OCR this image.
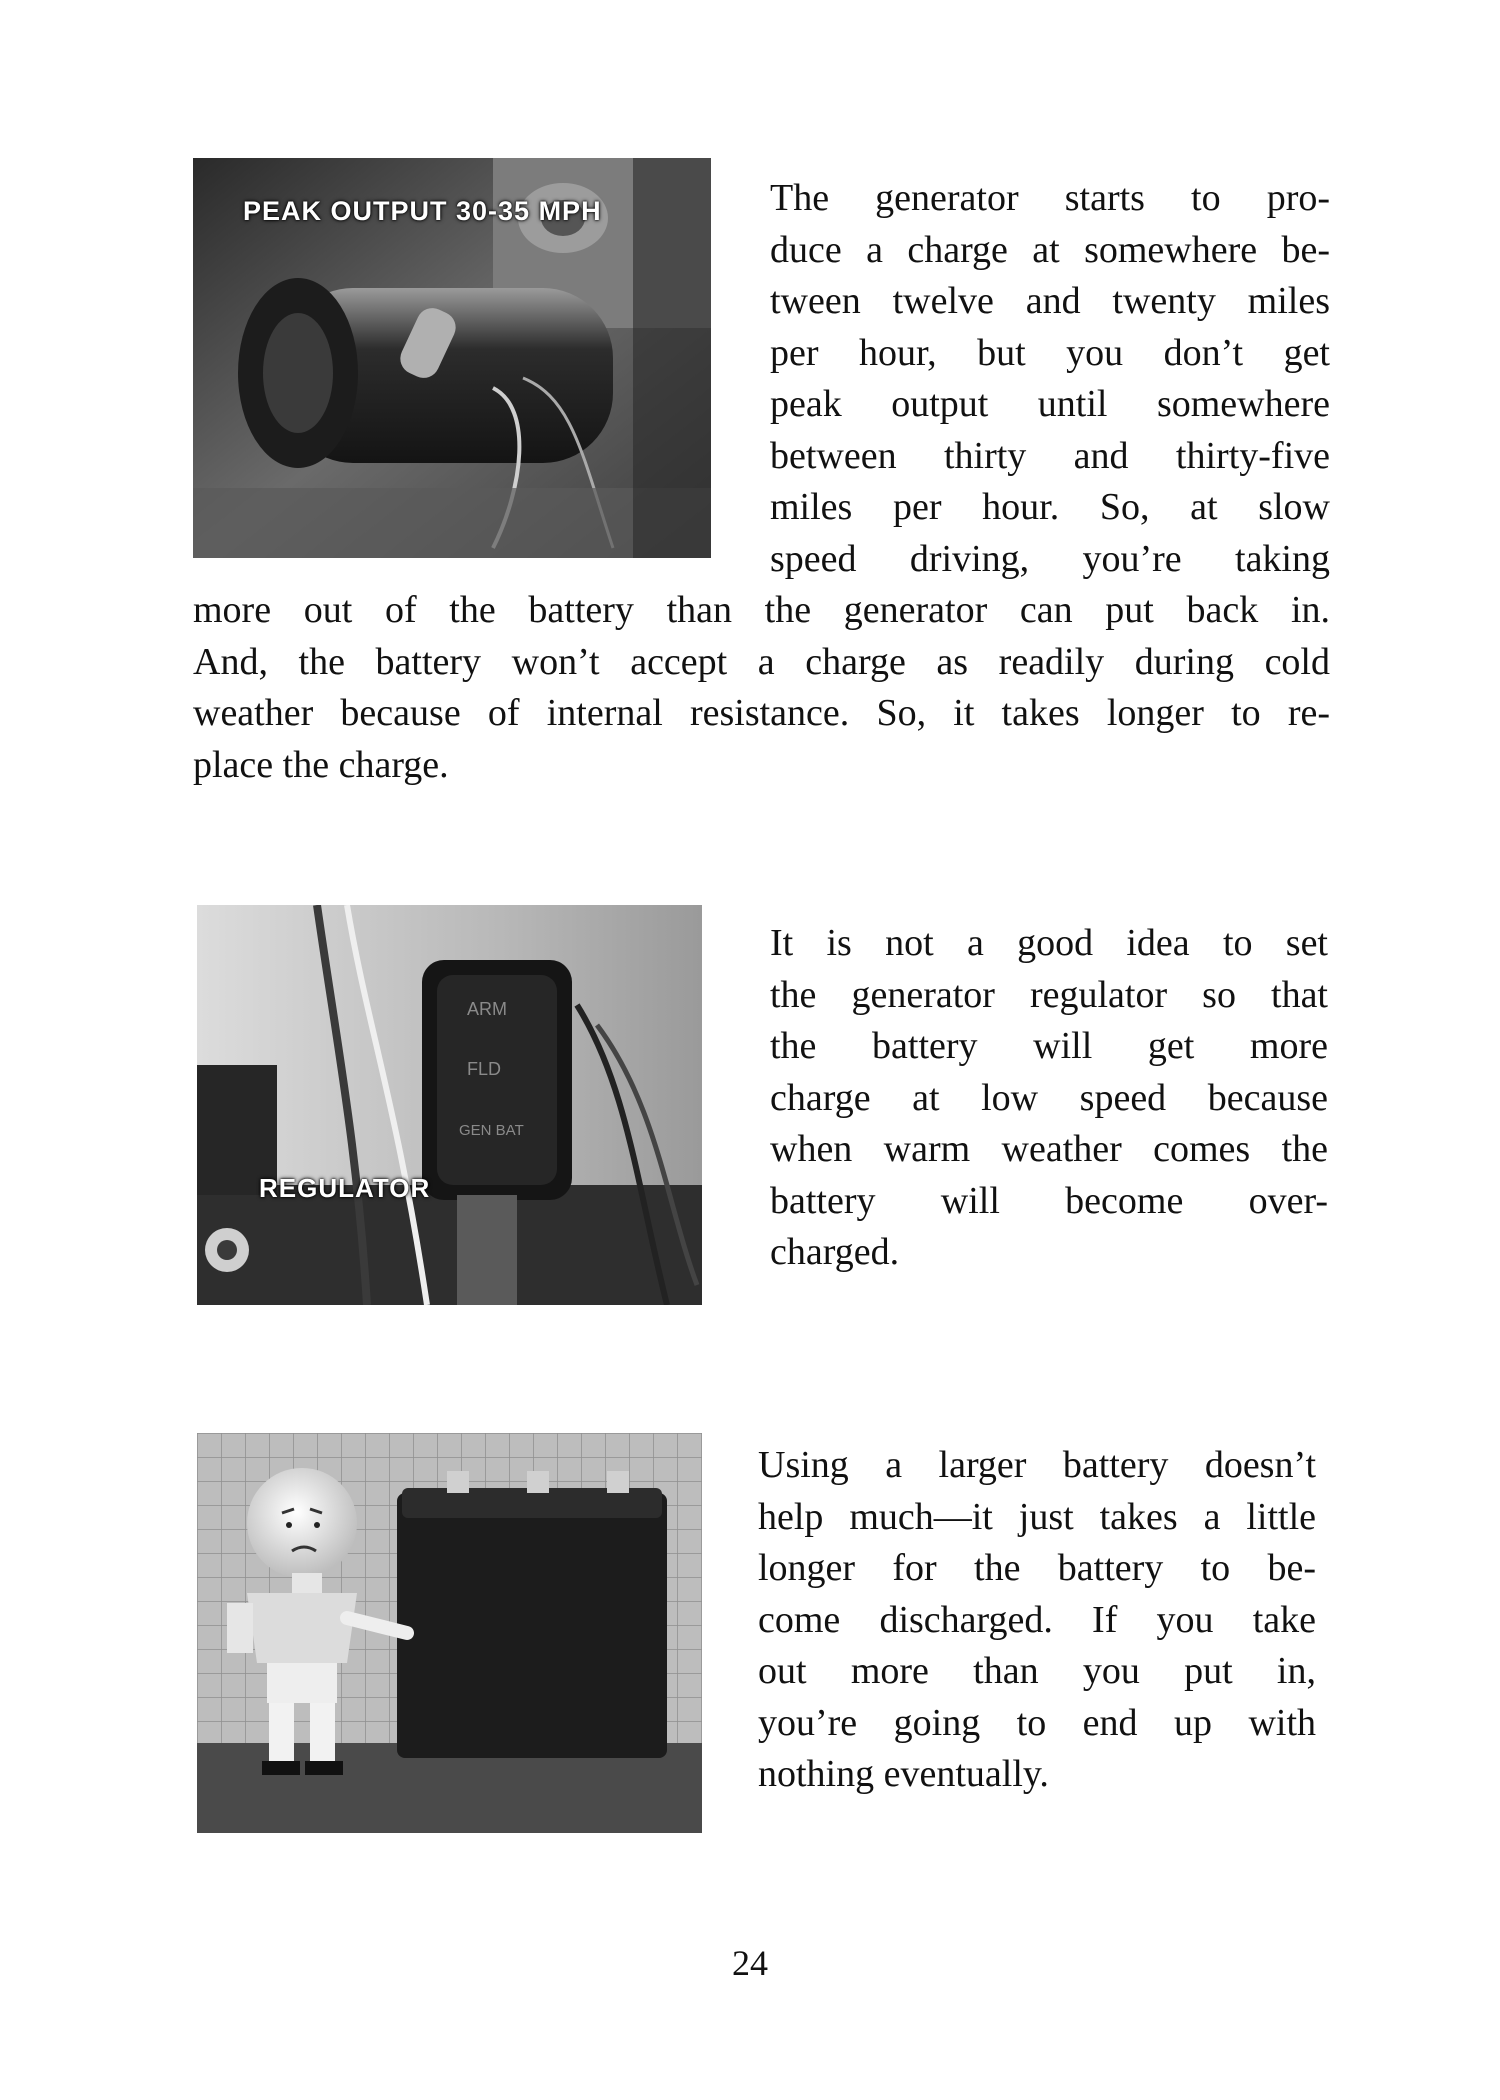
PEAK OUTPUT 30-35 MPH	The generator starts to pro-
duce a charge at somewhere be-
tween twelve and twenty miles
per hour, but you don’t get
peak output until somewhere
between thirty and thirty-five
miles per hour. So, at slow
speed driving, you’re taking
more out of the battery than the generator can put back in.
And, the battery won’t accept a charge as readily during cold
weather because of internal resistance. So, it takes longer to re-
place the charge.
ARM
FLD
GEN BAT
REGULATOR
It is not a good idea to set
the generator regulator so that
the battery will get more
charge at low speed because
when warm weather comes the
battery will become over-
charged.
Using a larger battery doesn’t
help much—it just takes a little
longer for the battery to be-
come discharged. If you take
out more than you put in,
you’re going to end up with
nothing eventually.
24
